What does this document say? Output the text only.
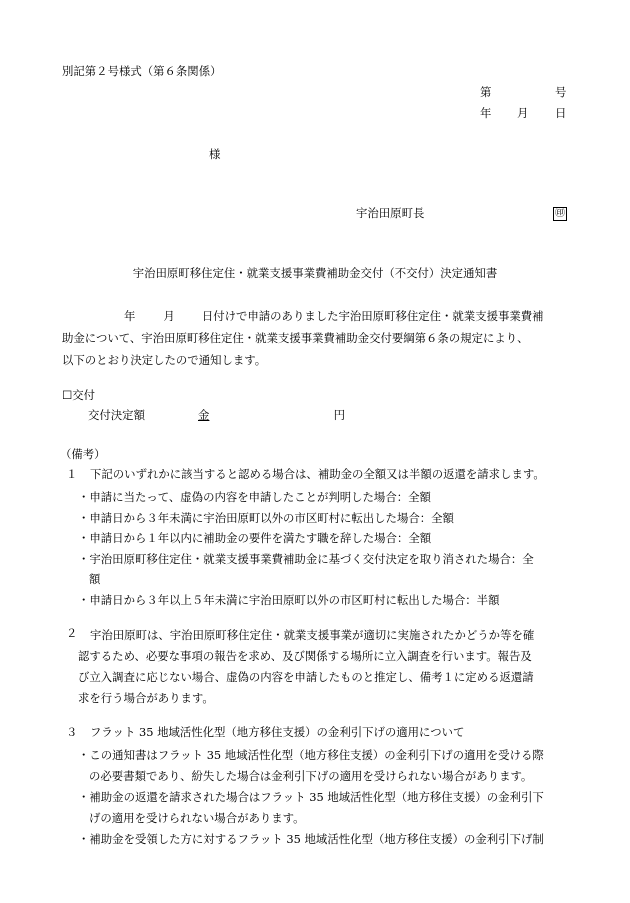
別記第２号様式（第６条関係）
第	号
年 月 日
様
宇治田原町長	㊞
宇治田原町移住定住・就業支援事業費補助金交付（不交付）決定通知書
年 月 日付けで申請のありました宇治田原町移住定住・就業支援事業費補
助金について、宇治田原町移住定住・就業支援事業費補助金交付要綱第６条の規定により、
以下のとおり決定したので通知します。
☐交付
交付決定額	金	円
（備考）
１ 下記のいずれかに該当すると認める場合は、補助金の全額又は半額の返還を請求します。
・申請に当たって、虚偽の内容を申請したことが判明した場合：全額
・申請日から３年未満に宇治田原町以外の市区町村に転出した場合：全額
・申請日から１年以内に補助金の要件を満たす職を辞した場合：全額
・宇治田原町移住定住・就業支援事業費補助金に基づく交付決定を取り消された場合：全
額
・申請日から３年以上５年未満に宇治田原町以外の市区町村に転出した場合：半額
２	宇治田原町は、宇治田原町移住定住・就業支援事業が適切に実施されたかどうか等を確
認するため、必要な事項の報告を求め、及び関係する場所に立入調査を行います。報告及
び立入調査に応じない場合、虚偽の内容を申請したものと推定し、備考１に定める返還請
求を行う場合があります。
３ フラット 35 地域活性化型（地方移住支援）の金利引下げの適用について
・この通知書はフラット 35 地域活性化型（地方移住支援）の金利引下げの適用を受ける際
の必要書類であり、紛失した場合は金利引下げの適用を受けられない場合があります。
・補助金の返還を請求された場合はフラット 35 地域活性化型（地方移住支援）の金利引下
げの適用を受けられない場合があります。
・補助金を受領した方に対するフラット 35 地域活性化型（地方移住支援）の金利引下げ制
